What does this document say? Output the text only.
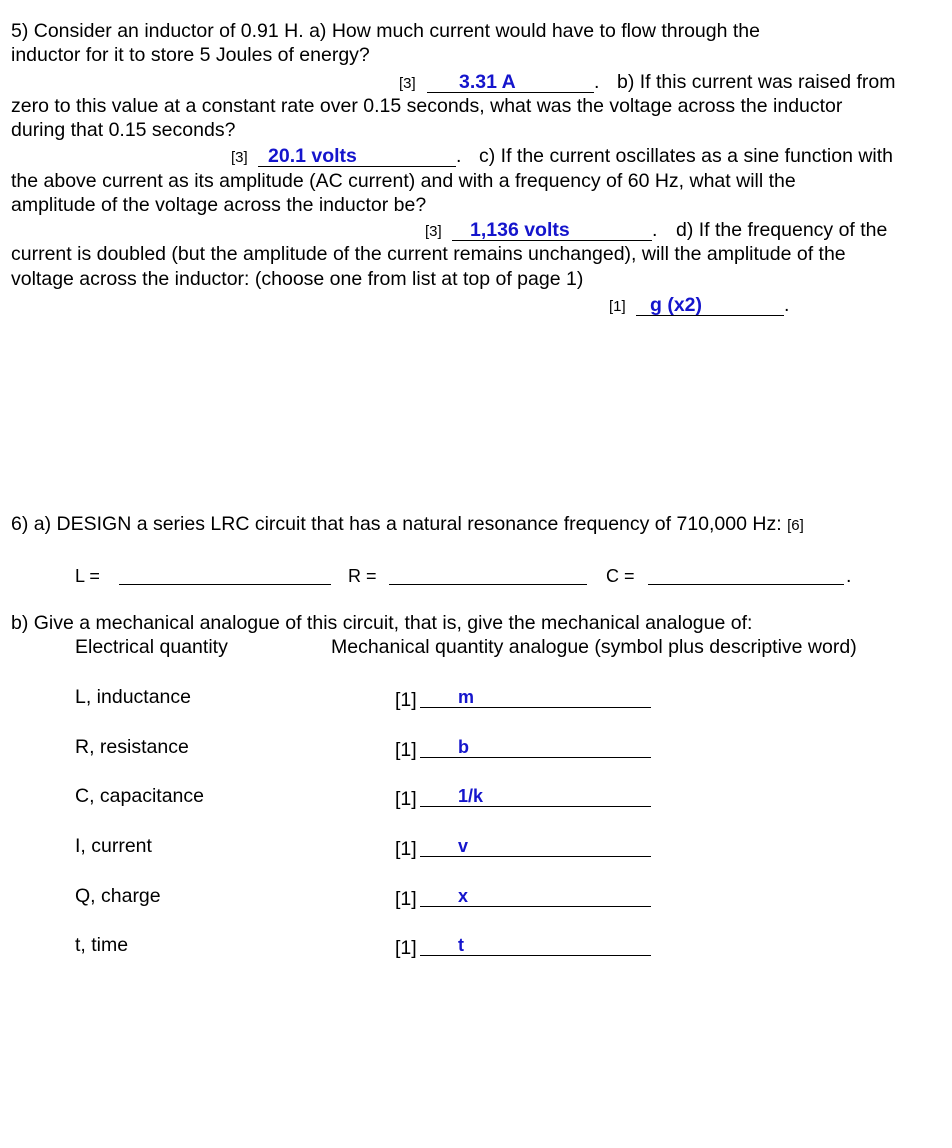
5) Consider an inductor of 0.91 H. a) How much current would have to flow through the
inductor for it to store 5 Joules of energy?
[3] 3.31 A	. b) If this current was raised from
zero to this value at a constant rate over 0.15 seconds, what was the voltage across the inductor
during that 0.15 seconds?
[3] 20.1 volts	. c) If the current oscillates as a sine function with
the above current as its amplitude (AC current) and with a frequency of 60 Hz, what will the
amplitude of the voltage across the inductor be?
[3] 1,136 volts	. d) If the frequency of the
current is doubled (but the amplitude of the current remains unchanged), will the amplitude of the
voltage across the inductor: (choose one from list at top of page 1)
[1] g (x2)	.
6) a) DESIGN a series LRC circuit that has a natural resonance frequency of 710,000 Hz: [6]
L =	R =	C =	.
b) Give a mechanical analogue of this circuit, that is, give the mechanical analogue of:
Electrical quantity	Mechanical quantity analogue (symbol plus descriptive word)
L, inductance	[1] m
R, resistance	[1] b
C, capacitance	[1] 1/k
I, current	[1] v
Q, charge	[1] x
t, time	[1] t
